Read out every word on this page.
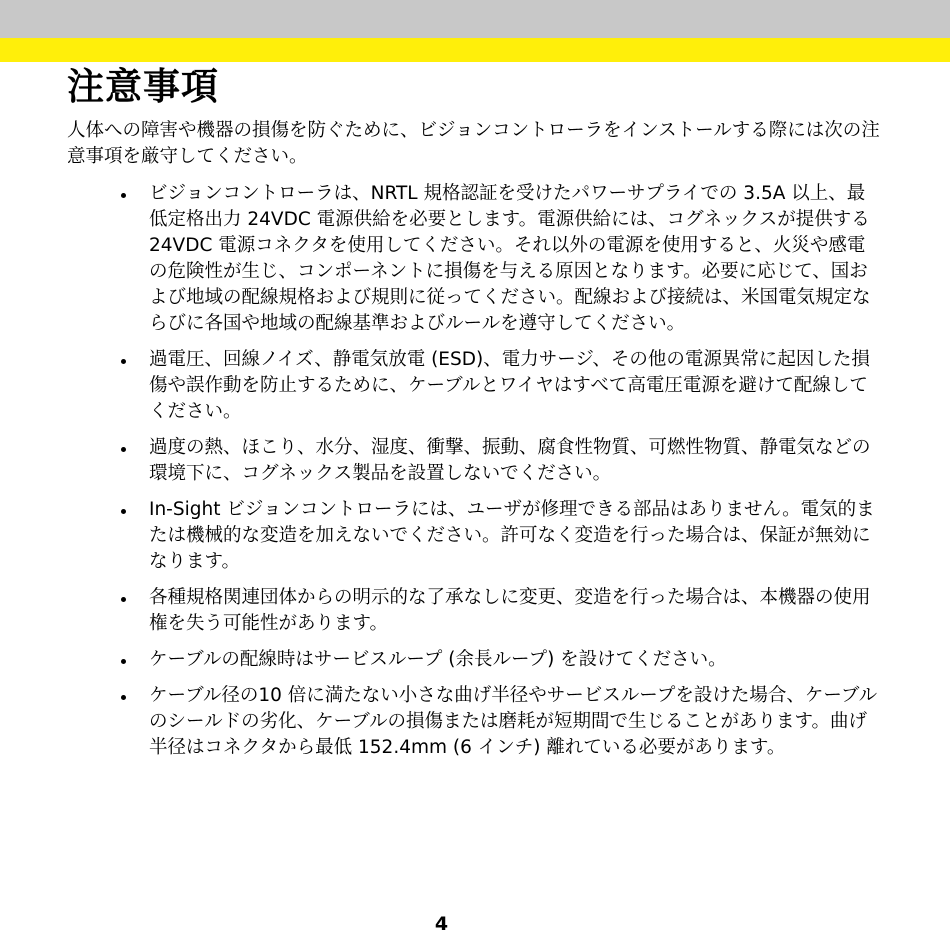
注意事項

人体への障害や機器の損傷を防ぐために、ビジョンコントローラをインストールする際には次の注意事項を厳守してください。

ビジョンコントローラは、NRTL 規格認証を受けたパワーサプライでの 3.5A 以上、最低定格出力 24VDC 電源供給を必要とします。電源供給には、コグネックスが提供する 24VDC 電源コネクタを使用してください。それ以外の電源を使用すると、火災や感電の危険性が生じ、コンポーネントに損傷を与える原因となります。必要に応じて、国および地域の配線規格および規則に従ってください。配線および接続は、米国電気規定ならびに各国や地域の配線基準およびルールを遵守してください。
過電圧、回線ノイズ、静電気放電 (ESD)、電力サージ、その他の電源異常に起因した損傷や誤作動を防止するために、ケーブルとワイヤはすべて高電圧電源を避けて配線してください。
過度の熱、ほこり、水分、湿度、衝撃、振動、腐食性物質、可燃性物質、静電気などの環境下に、コグネックス製品を設置しないでください。
In-Sight ビジョンコントローラには、ユーザが修理できる部品はありません。電気的または機械的な変造を加えないでください。許可なく変造を行った場合は、保証が無効になります。
各種規格関連団体からの明示的な了承なしに変更、変造を行った場合は、本機器の使用権を失う可能性があります。
ケーブルの配線時はサービスループ (余長ループ) を設けてください。
ケーブル径の10 倍に満たない小さな曲げ半径やサービスループを設けた場合、ケーブルのシールドの劣化、ケーブルの損傷または磨耗が短期間で生じることがあります。曲げ半径はコネクタから最低 152.4mm (6 インチ) 離れている必要があります。
4
